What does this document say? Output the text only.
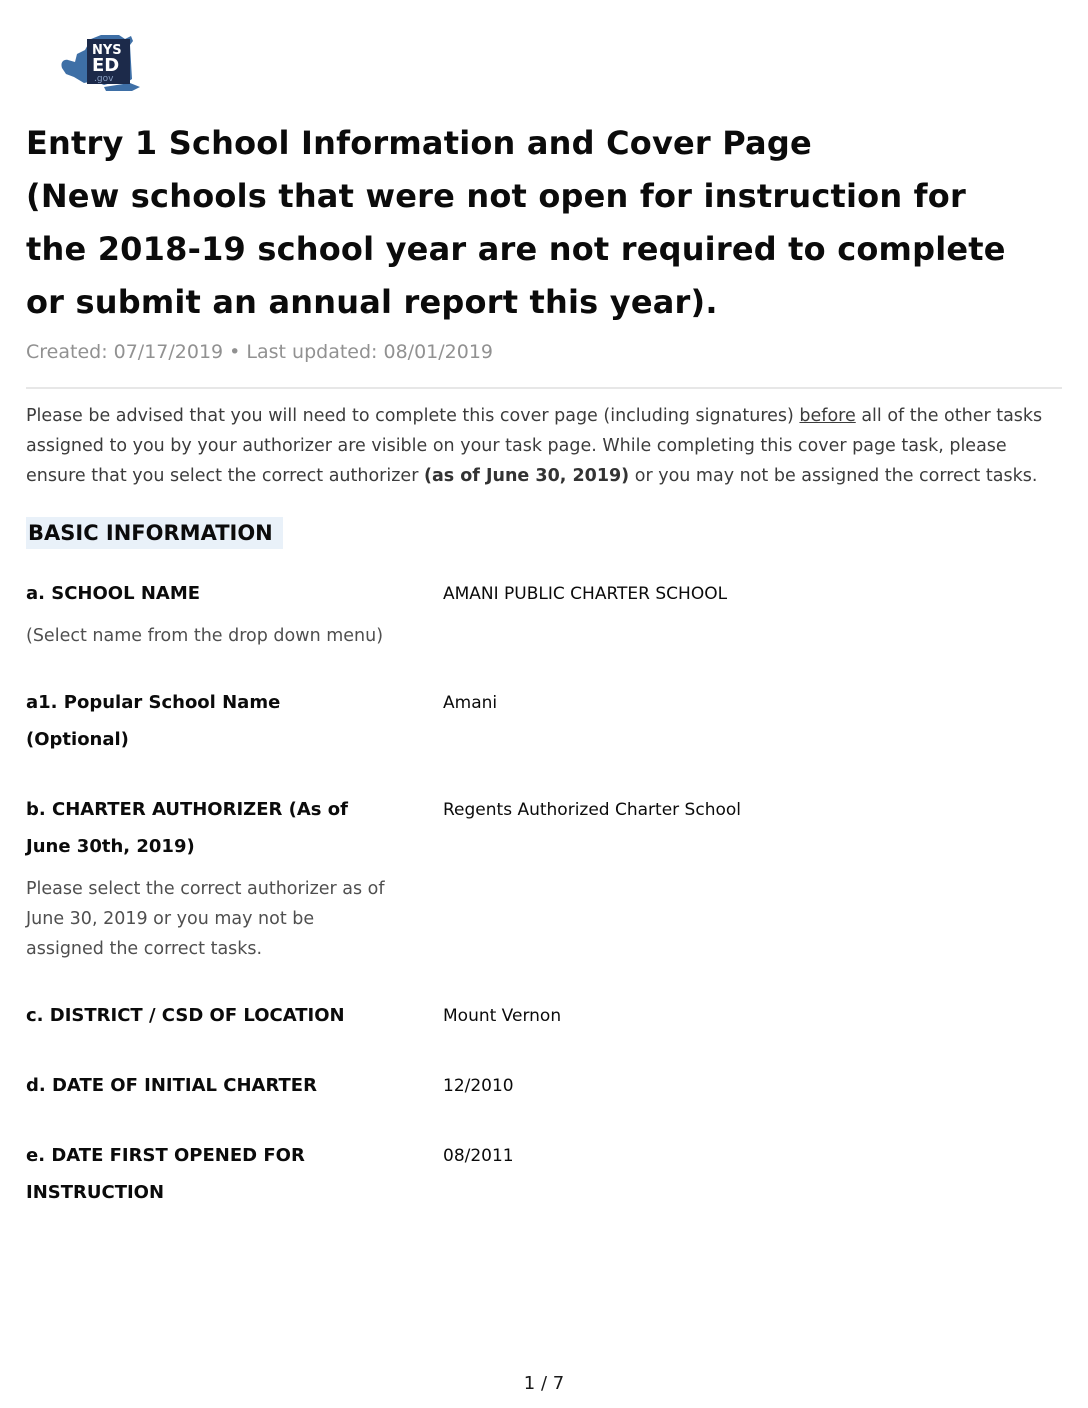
NYS
ED
.gov
Entry 1 School Information and Cover Page
(New schools that were not open for instruction for
the 2018-19 school year are not required to complete
or submit an annual report this year).
Created: 07/17/2019 • Last updated: 08/01/2019

Please be advised that you will need to complete this cover page (including signatures) before all of the other tasks assigned to you by your authorizer are visible on your task page. While completing this cover page task, please ensure that you select the correct authorizer (as of June 30, 2019) or you may not be assigned the correct tasks.

BASIC INFORMATION
a. SCHOOL NAME
(Select name from the drop down menu)
AMANI PUBLIC CHARTER SCHOOL
a1. Popular School Name
(Optional)
Amani
b. CHARTER AUTHORIZER (As of
June 30th, 2019)
Please select the correct authorizer as of
June 30, 2019 or you may not be
assigned the correct tasks.
Regents Authorized Charter School
c. DISTRICT / CSD OF LOCATION	Mount Vernon
d. DATE OF INITIAL CHARTER	12/2010
e. DATE FIRST OPENED FOR
INSTRUCTION
08/2011
1 / 7
